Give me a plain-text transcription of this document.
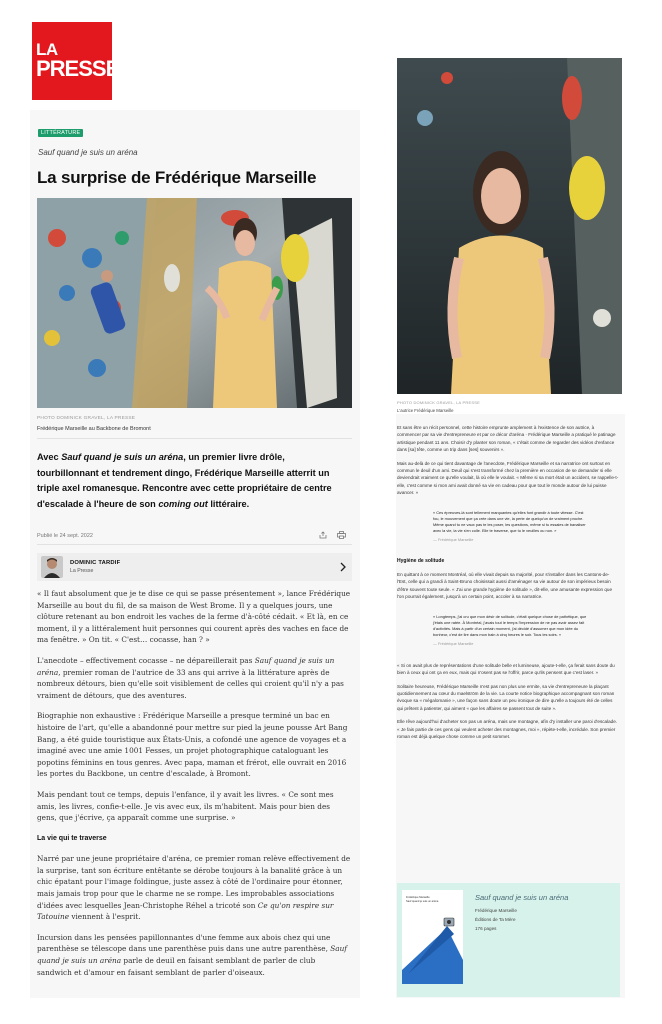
LA
PRESSE
LITTÉRATURE
Sauf quand je suis un aréna
La surprise de Frédérique Marseille
PHOTO DOMINICK GRAVEL, LA PRESSE
Frédérique Marseille au Backbone de Bromont

Avec Sauf quand je suis un aréna, un premier livre drôle, tourbillonnant et tendrement dingo, Frédérique Marseille atterrit un triple axel romanesque. Rencontre avec cette propriétaire de centre d'escalade à l'heure de son coming out littéraire.

Publié le 24 sept. 2022
DOMINIC TARDIF
La Presse

« Il faut absolument que je te dise ce qui se passe présentement », lance Frédérique Marseille au bout du fil, de sa maison de West Brome. Il y a quelques jours, une clôture retenant au bon endroit les vaches de la ferme d'à-côté cédait. « Et là, en ce moment, il y a littéralement huit personnes qui courent après des vaches en face de ma fenêtre. » On tit. « C'est… cocasse, han ? »

L'anecdote – effectivement cocasse – ne dépareillerait pas Sauf quand je suis un aréna, premier roman de l'autrice de 33 ans qui arrive à la littérature après de nombreux détours, bien qu'elle soit visiblement de celles qui croient qu'il n'y a pas vraiment de détours, que des aventures.

Biographie non exhaustive : Frédérique Marseille a presque terminé un bac en histoire de l'art, qu'elle a abandonné pour mettre sur pied la jeune pousse Art Bang Bang, a été guide touristique aux États-Unis, a cofondé une agence de voyages et a imaginé avec une amie 1001 Fesses, un projet photographique cataloguant les popotins féminins en tous genres. Avec papa, maman et frérot, elle ouvrait en 2016 les portes du Backbone, un centre d'escalade, à Bromont.

Mais pendant tout ce temps, depuis l'enfance, il y avait les livres. « Ce sont mes amis, les livres, confie-t-elle. Je vis avec eux, ils m'habitent. Mais pour bien des gens, que j'écrive, ça apparaît comme une surprise. »

La vie qui te traverse

Narré par une jeune propriétaire d'aréna, ce premier roman relève effectivement de la surprise, tant son écriture entêtante se dérobe toujours à la banalité grâce à un chic épatant pour l'image foldingue, juste assez à côté de l'ordinaire pour étonner, mais jamais trop pour que le charme ne se rompe. Les improbables associations d'idées avec lesquelles Jean-Christophe Réhel a tricoté son Ce qu'on respire sur Tatouine viennent à l'esprit.

Incursion dans les pensées papillonnantes d'une femme aux abois chez qui une parenthèse se télescope dans une parenthèse puis dans une autre parenthèse, Sauf quand je suis un aréna parle de deuil en faisant semblant de parler de club sandwich et d'amour en faisant semblant de parler d'oiseaux.

PHOTO DOMINICK GRAVEL, LA PRESSE
L'autrice Frédérique Marseille

Et sans être un récit personnel, cette histoire emprunte amplement à l'existence de son autrice, à commencer par sa vie d'entrepreneure et par ce décor d'aréna · Frédérique Marseille a pratiqué le patinage artistique pendant 11 ans. Choisir d'y planter son roman, « c'était comme de regarder des vidéos d'enfance dans [sa] tête, comme un trip dans [ses] souvenirs ».

Mais au-delà de ce qui tient davantage de l'anecdote, Frédérique Marseille et sa narratrice ont surtout en commun le deuil d'un ami. Deuil qui s'est transformé chez la première en occasion de se demander si elle deviendrait vraiment ce qu'elle voulait, là où elle le voulait. « Même si sa mort était un accident, se rappelle-t-elle, c'est comme si mon ami avait donné sa vie en cadeau pour que tout le monde autour de lui puisse avancer. »

« Ces épreuves-là sont tellement marquantes qu'elles font grandir à toute vitesse. C'est fou, le mouvement que ça crée dans une vie, la perte de quelqu'un de vraiment proche. Même quand tu ne vaux pas te les poser, les questions, même si tu essaies de banaliser avec la vie, la vie s'en colle. Elle te traverse, que tu le veuilles ou non. »
— Frédérique Marseille
Hygiène de solitude

En quittant à ce moment Montréal, où elle vivait depuis sa majorité, pour s'installer dans les Cantons-de-l'Est, celle qui a grandi à Saint-Bruno choisissait aussi d'aménager sa vie autour de son impérieux besoin d'être souvent toute seule. « J'ai une grande hygiène de solitude », dit-elle, une amusante expression que l'on pourrait également, jusqu'à un certain point, accoler à sa narratrice.

« Longtemps, j'ai cru que mon désir de solitude, c'était quelque chose de pathétique, que j'étais une ratée. À Montréal, j'avais tout le temps l'impression de ne pas avoir assez fait d'activités. Mais à partir d'un certain moment, j'ai décidé d'assumer que mon idée du bonheur, c'est de lire dans mon bain à cinq heures le soir. Tous les soirs. »
— Frédérique Marseille

« Si on avait plus de représentations d'une solitude belle et lumineuse, ajoute-t-elle, ça ferait sans doute du bien à ceux qui ont ça en eux, mais qui n'osent pas se l'offrir, parce qu'ils pensent que c'est laser. »

Solitaire heureuse, Frédérique Marseille n'est pas non plus une ermite, sa vie d'entrepreneure la plaçant quotidiennement au cœur du maelström de la vie. La courte notice biographique accompagnant son roman évoque sa « mégalomanie », une façon sans doute un peu ironique de dire qu'elle a toujours été de celles qui prêtent à patienter, qui aiment « que les affaires se passent tout de suite ».

Elle rêve aujourd'hui d'acheter son pas un aréna, mais une montagne, afin d'y installer une paroi d'escalade. « Je fais partie de ces gens qui veulent acheter des montagnes, moi », répète-t-elle, incrédule. Son premier roman est déjà quelque chose comme un petit sommet.

Frédérique Marseille
Sauf quand je suis un aréna	Sauf quand je suis un aréna
Frédérique Marseille
Éditions de Ta Mère
176 pages
